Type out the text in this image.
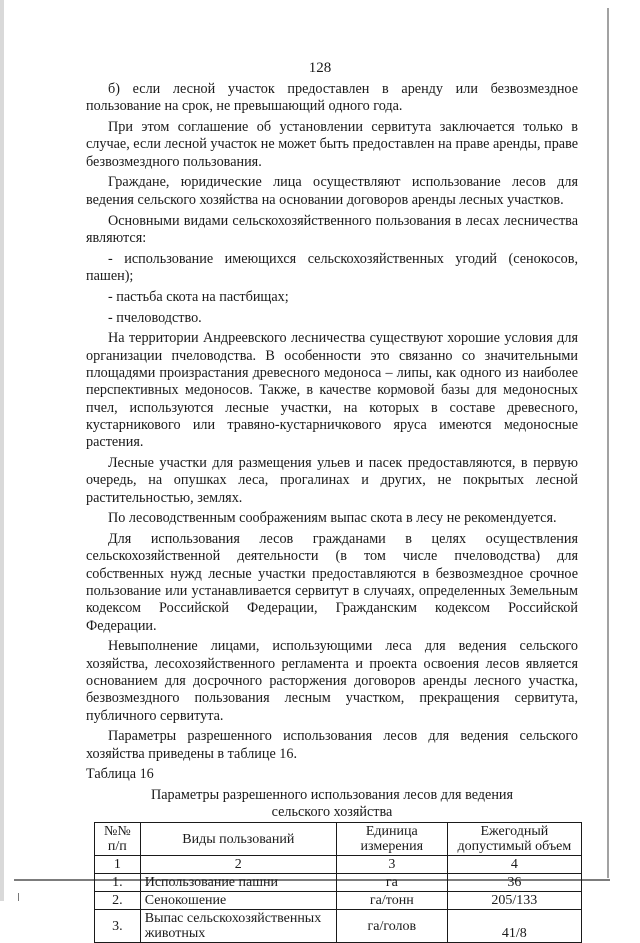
128

б) если лесной участок предоставлен в аренду или безвозмездное пользование на срок, не превышающий одного года.

При этом соглашение об установлении сервитута заключается только в случае, если лесной участок не может быть предоставлен на праве аренды, праве безвозмездного пользования.

Граждане, юридические лица осуществляют использование лесов для ведения сельского хозяйства на основании договоров аренды лесных участков.

Основными видами сельскохозяйственного пользования в лесах лесничества являются:

- использование имеющихся сельскохозяйственных угодий (сенокосов, пашен);

- пастьба скота на пастбищах;

- пчеловодство.

На территории Андреевского лесничества существуют хорошие условия для организации пчеловодства. В особенности это связанно со значительными площадями произрастания древесного медоноса – липы, как одного из наиболее перспективных медоносов. Также, в качестве кормовой базы для медоносных пчел, используются лесные участки, на которых в составе древесного, кустарникового или травяно-кустарничкового яруса имеются медоносные растения.

Лесные участки для размещения ульев и пасек предоставляются, в первую очередь, на опушках леса, прогалинах и других, не покрытых лесной растительностью, землях.

По лесоводственным соображениям выпас скота в лесу не рекомендуется.

Для использования лесов гражданами в целях осуществления сельскохозяйственной деятельности (в том числе пчеловодства) для собственных нужд лесные участки предоставляются в безвозмездное срочное пользование или устанавливается сервитут в случаях, определенных Земельным кодексом Российской Федерации, Гражданским кодексом Российской Федерации.

Невыполнение лицами, использующими леса для ведения сельского хозяйства, лесохозяйственного регламента и проекта освоения лесов является основанием для досрочного расторжения договоров аренды лесного участка, безвозмездного пользования лесным участком, прекращения сервитута, публичного сервитута.

Параметры разрешенного использования лесов для ведения сельского хозяйства приведены в таблице 16.

Таблица 16

Параметры разрешенного использования лесов для ведения
сельского хозяйства
№№ п/п	Виды пользований	Единица измерения	Ежегодный допустимый объем
1	2	3	4
1.	Использование пашни	га	36
2.	Сенокошение	га/тонн	205/133
3.	Выпас сельскохозяйственных животных	га/голов	41/8
